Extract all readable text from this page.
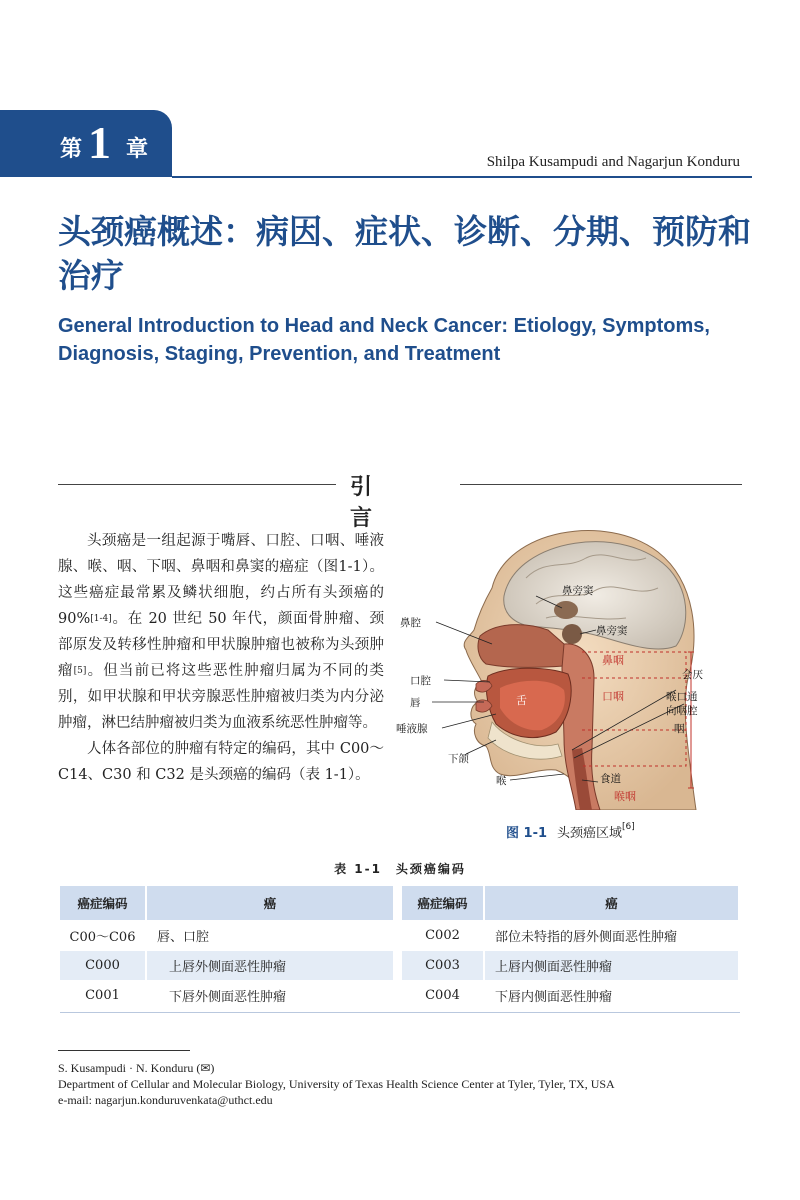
第 1 章	Shilpa Kusampudi and Nagarjun Konduru
头颈癌概述：病因、症状、诊断、分期、预防和治疗
General Introduction to Head and Neck Cancer: Etiology, Symptoms, Diagnosis, Staging, Prevention, and Treatment
引言

头颈癌是一组起源于嘴唇、口腔、口咽、唾液腺、喉、咽、下咽、鼻咽和鼻窦的癌症（图1-1）。这些癌症最常累及鳞状细胞，约占所有头颈癌的 90%[1-4]。在 20 世纪 50 年代，颜面骨肿瘤、颈部原发及转移性肿瘤和甲状腺肿瘤也被称为头颈肿瘤[5]。但当前已将这些恶性肿瘤归属为不同的类别，如甲状腺和甲状旁腺恶性肿瘤被归类为内分泌肿瘤，淋巴结肿瘤被归类为血液系统恶性肿瘤等。

人体各部位的肿瘤有特定的编码，其中 C00～C14、C30 和 C32 是头颈癌的编码（表 1-1）。

鼻旁窦
鼻腔
鼻旁窦
鼻咽
口腔
口咽
会厌
唇	舌	喉口通
向咽腔
唾液腺	咽
下颌
喉	食道
喉咽
图 1-1 头颈癌区域[6]
表 1-1　头颈癌编码
癌症编码	癌
C00～C06	唇、口腔
C000	上唇外侧面恶性肿瘤
C001	下唇外侧面恶性肿瘤
癌症编码	癌
C002	部位未特指的唇外侧面恶性肿瘤
C003	上唇内侧面恶性肿瘤
C004	下唇内侧面恶性肿瘤
S. Kusampudi · N. Konduru (✉)
Department of Cellular and Molecular Biology, University of Texas Health Science Center at Tyler, Tyler, TX, USA
e-mail: nagarjun.konduruvenkata@uthct.edu
